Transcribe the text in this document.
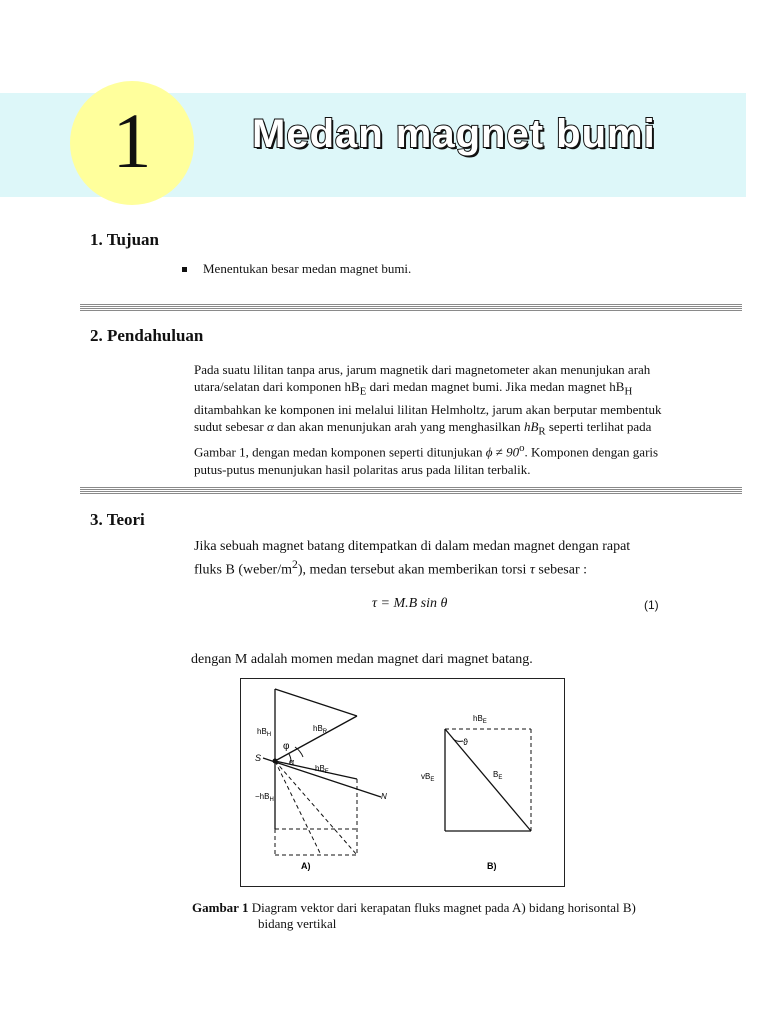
1	Medan magnet bumi
1. Tujuan
Menentukan besar medan magnet bumi.
2. Pendahuluan
Pada suatu lilitan tanpa arus, jarum magnetik dari magnetometer akan menunjukan arah
utara/selatan dari komponen $hB_E$ dari medan magnet bumi. Jika medan magnet $hB_H$
ditambahkan ke komponen ini melalui lilitan Helmholtz, jarum akan berputar membentuk
sudut sebesar α dan akan menunjukan arah yang menghasilkan $hB_R$ seperti terlihat pada
Gambar 1, dengan medan komponen seperti ditunjukan $\phi \ne 90^o$. Komponen dengan garis
putus-putus menunjukan hasil polaritas arus pada lilitan terbalik.
3. Teori
Jika sebuah magnet batang ditempatkan di dalam medan magnet dengan rapat
fluks B $(weber/m^2)$, medan tersebut akan memberikan torsi τ sebesar :
τ = M.B sin θ	(1)
dengan M adalah momen medan magnet dari magnet batang.
$hB_H$
$hB_R$
$hB_E$
$-hB_H$
φ
α
S
N
A)
$hB_E$
$vB_E$
$B_E$
ϑ
B)
Gambar 1 Diagram vektor dari kerapatan fluks magnet pada A) bidang horisontal B)
bidang vertikal
